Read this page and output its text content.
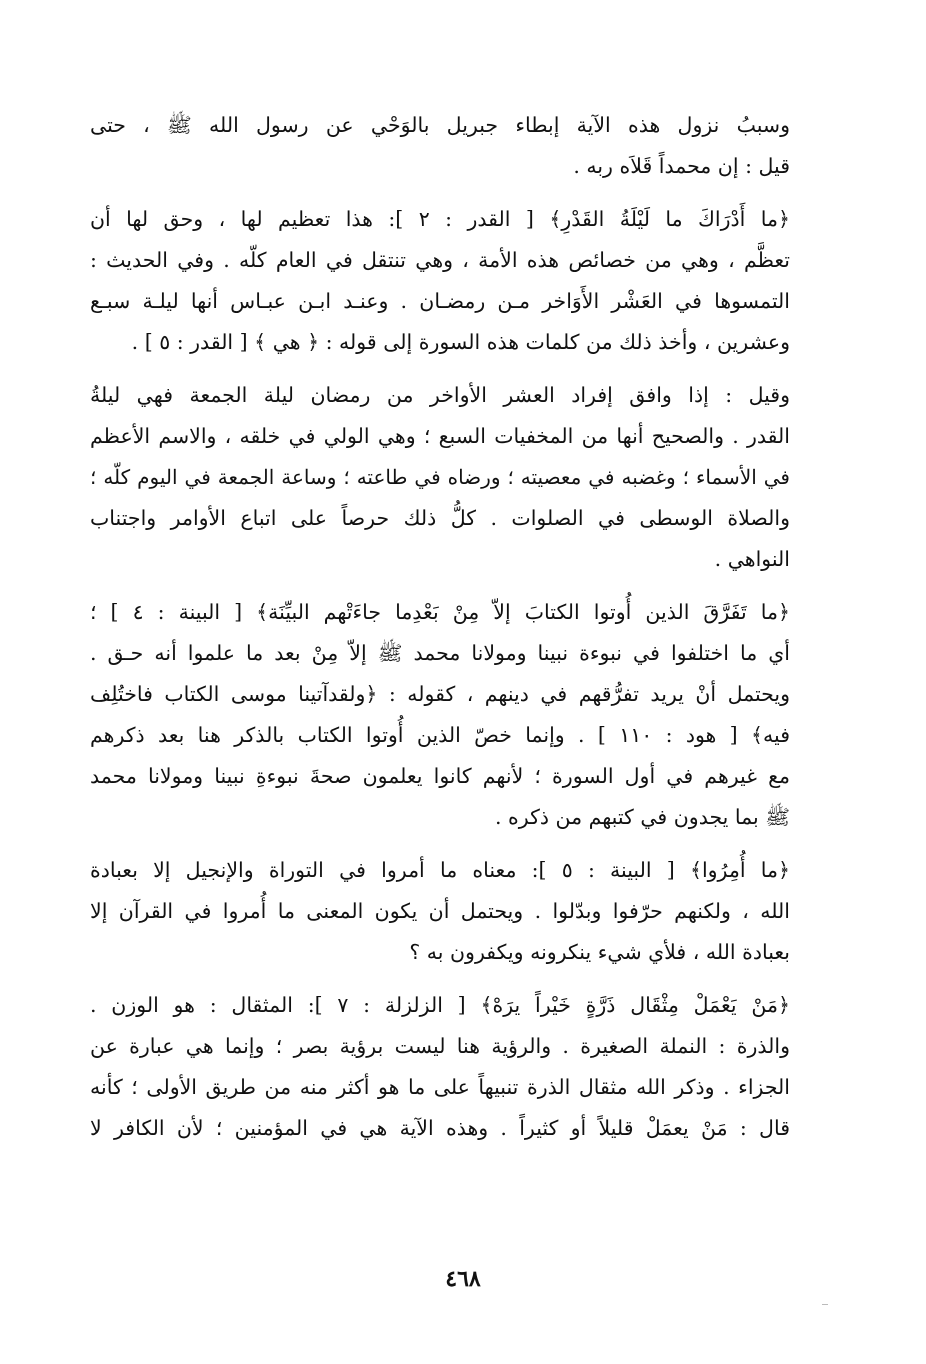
وسببُ نزول هذه الآية إبطاء جبريل بالوَحْي عن رسول الله ﷺ ، حتى
قيل : إن محمداً قَلاَه ربه .

﴿ما أَدْرَاكَ ما لَيْلَةُ القَدْرِ﴾ [ القدر : ٢ ]: هذا تعظيم لها ، وحق لها أن
تعظَّم ، وهي من خصائص هذه الأمة ، وهي تنتقل في العام كلّه . وفي الحديث :
التمسوها في العَشْر الأَوَاخر مـن رمضـان . وعنـد ابـن عبـاس أنها ليلـة سبـع
وعشرين ، وأخذ ذلك من كلمات هذه السورة إلى قوله : ﴿ هي ﴾ [ القدر : ٥ ] .

وقيل : إذا وافق إفراد العشر الأواخر من رمضان ليلة الجمعة فهي ليلةُ
القدر . والصحيح أنها من المخفيات السبع ؛ وهي الولي في خلقه ، والاسم الأعظم
في الأسماء ؛ وغضبه في معصيته ؛ ورضاه في طاعته ؛ وساعة الجمعة في اليوم كلّه ؛
والصلاة الوسطى في الصلوات . كلُّ ذلك حرصاً على اتباع الأوامر واجتناب
النواهي .

﴿ما تَفَرَّقَ الذين أُوتوا الكتابَ إلاّ مِنْ بَعْدِما جاءَتْهم البيِّنَة﴾ [ البينة : ٤ ] ؛
أي ما اختلفوا في نبوءة نبينا ومولانا محمد ﷺ إلاّ مِنْ بعد ما علموا أنه حـق .
ويحتمل أنْ يريد تفرُّقهم في دينهم ، كقوله : ﴿ولقدآتينا موسى الكتاب فاختُلِف
فيه﴾ [ هود : ١١٠ ] . وإنما خصّ الذين أُوتوا الكتاب بالذكر هنا بعد ذكرهم
مع غيرهم في أول السورة ؛ لأنهم كانوا يعلمون صحةَ نبوءةِ نبينا ومولانا محمد
ﷺ بما يجدون في كتبهم من ذكره .

﴿ما أُمِرُوا﴾ [ البينة : ٥ ]: معناه ما أمروا في التوراة والإنجيل إلا بعبادة
الله ، ولكنهم حرّفوا وبدّلوا . ويحتمل أن يكون المعنى ما أُمروا في القرآن إلا
بعبادة الله ، فلأي شيء ينكرونه ويكفرون به ؟

﴿مَنْ يَعْمَلْ مِثْقَال ذَرَّةٍ خَيْراً يرَهْ﴾ [ الزلزلة : ٧ ]: المثقال : هو الوزن .
والذرة : النملة الصغيرة . والرؤية هنا ليست برؤية بصر ؛ وإنما هي عبارة عن
الجزاء . وذكر الله مثقال الذرة تنبيهاً على ما هو أكثر منه من طريق الأولى ؛ كأنه
قال : مَنْ يعمَلْ قليلاً أو كثيراً . وهذه الآية هي في المؤمنين ؛ لأن الكافر لا

٤٦٨
